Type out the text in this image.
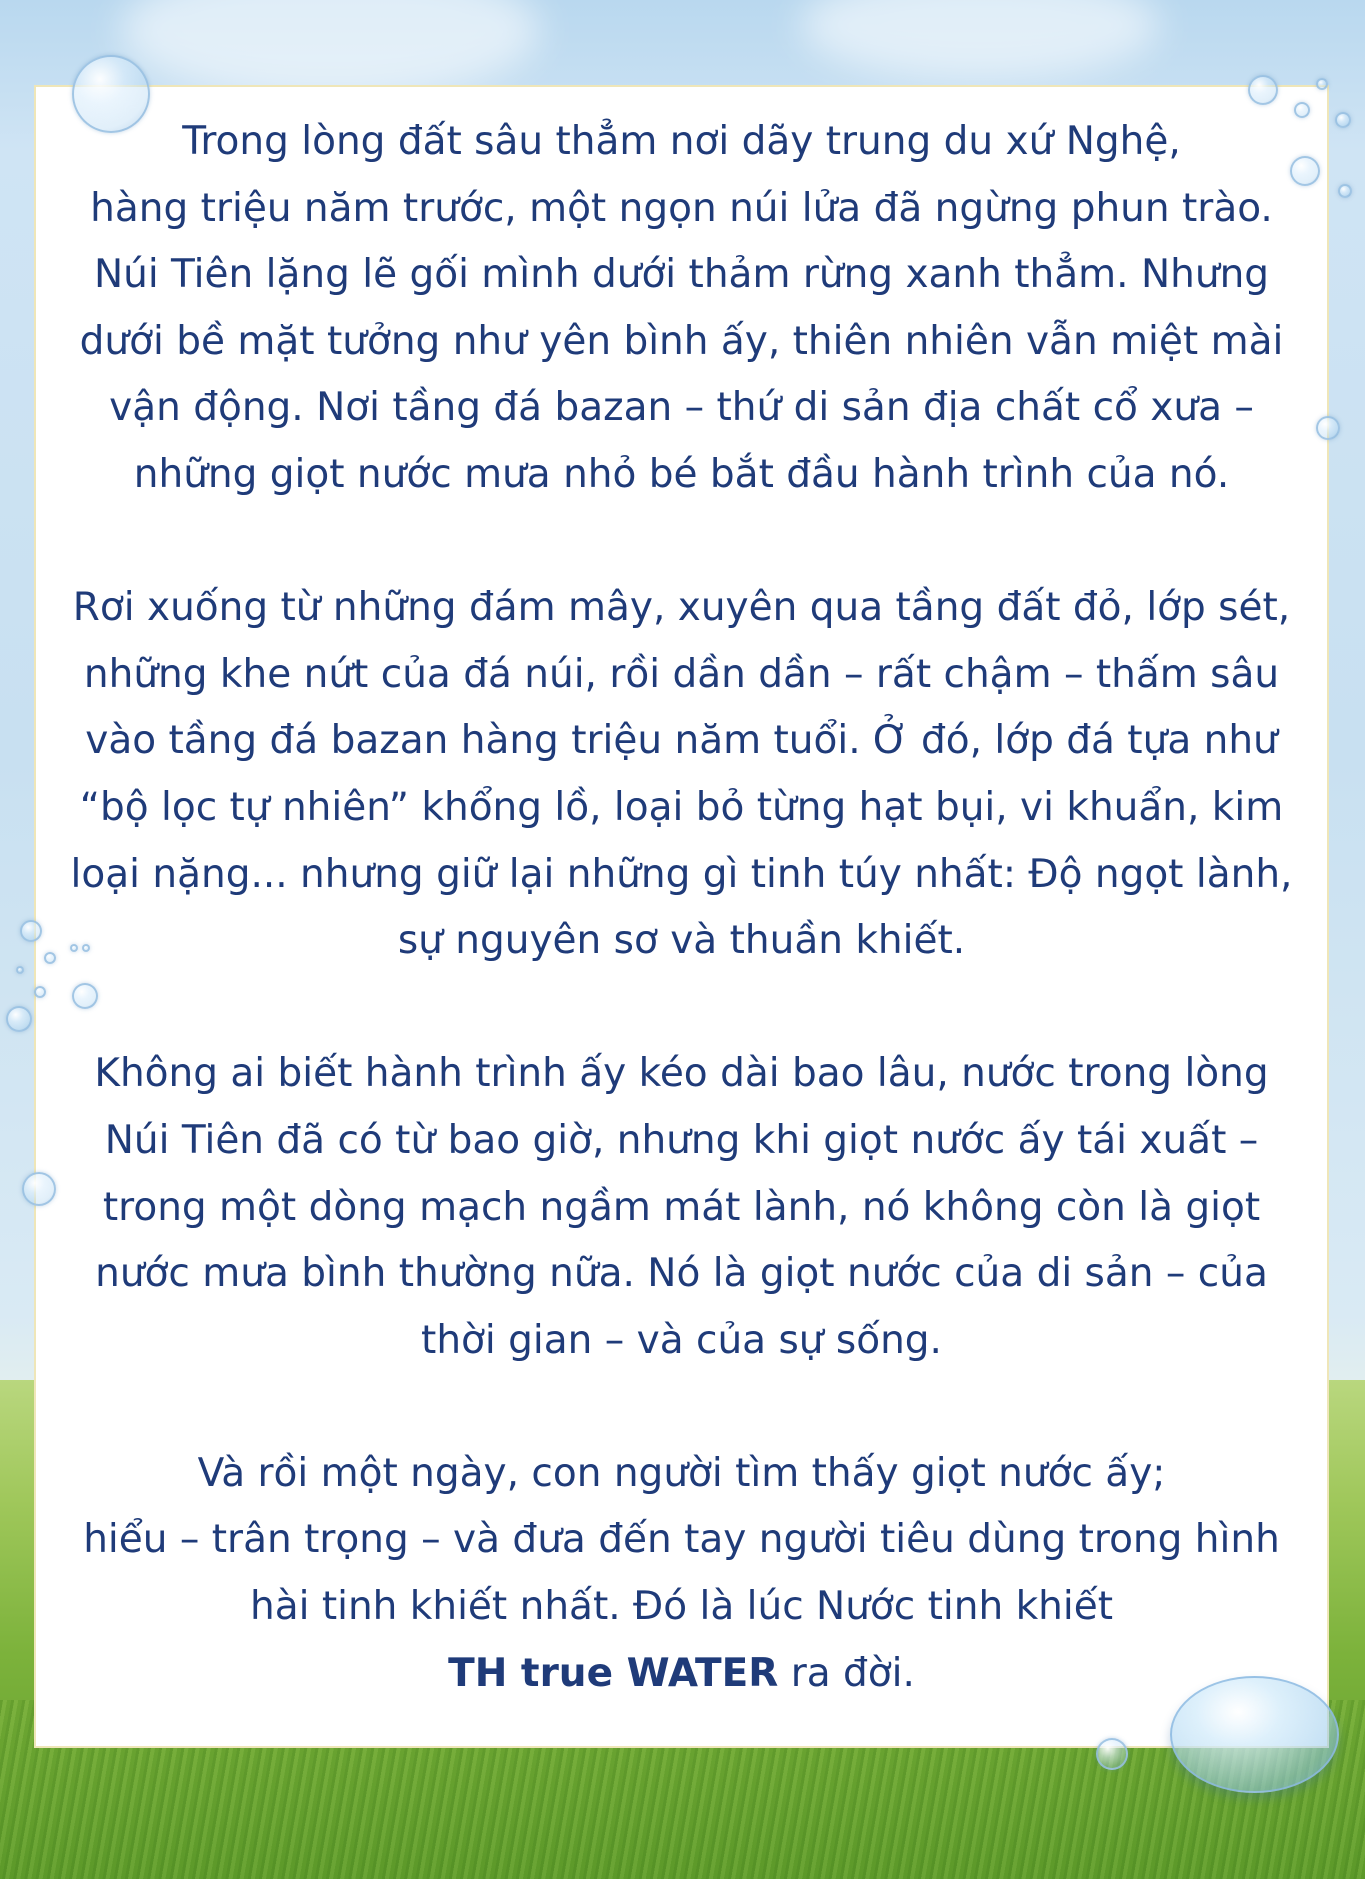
Trong lòng đất sâu thẳm nơi dãy trung du xứ Nghệ,
hàng triệu năm trước, một ngọn núi lửa đã ngừng phun trào.
Núi Tiên lặng lẽ gối mình dưới thảm rừng xanh thẳm. Nhưng
dưới bề mặt tưởng như yên bình ấy, thiên nhiên vẫn miệt mài
vận động. Nơi tầng đá bazan – thứ di sản địa chất cổ xưa –
những giọt nước mưa nhỏ bé bắt đầu hành trình của nó.

Rơi xuống từ những đám mây, xuyên qua tầng đất đỏ, lớp sét,
những khe nứt của đá núi, rồi dần dần – rất chậm – thấm sâu
vào tầng đá bazan hàng triệu năm tuổi. Ở đó, lớp đá tựa như
“bộ lọc tự nhiên” khổng lồ, loại bỏ từng hạt bụi, vi khuẩn, kim
loại nặng... nhưng giữ lại những gì tinh túy nhất: Độ ngọt lành,
sự nguyên sơ và thuần khiết.

Không ai biết hành trình ấy kéo dài bao lâu, nước trong lòng
Núi Tiên đã có từ bao giờ, nhưng khi giọt nước ấy tái xuất –
trong một dòng mạch ngầm mát lành, nó không còn là giọt
nước mưa bình thường nữa. Nó là giọt nước của di sản – của
thời gian – và của sự sống.

Và rồi một ngày, con người tìm thấy giọt nước ấy;
hiểu – trân trọng – và đưa đến tay người tiêu dùng trong hình
hài tinh khiết nhất. Đó là lúc Nước tinh khiết
TH true WATER ra đời.
